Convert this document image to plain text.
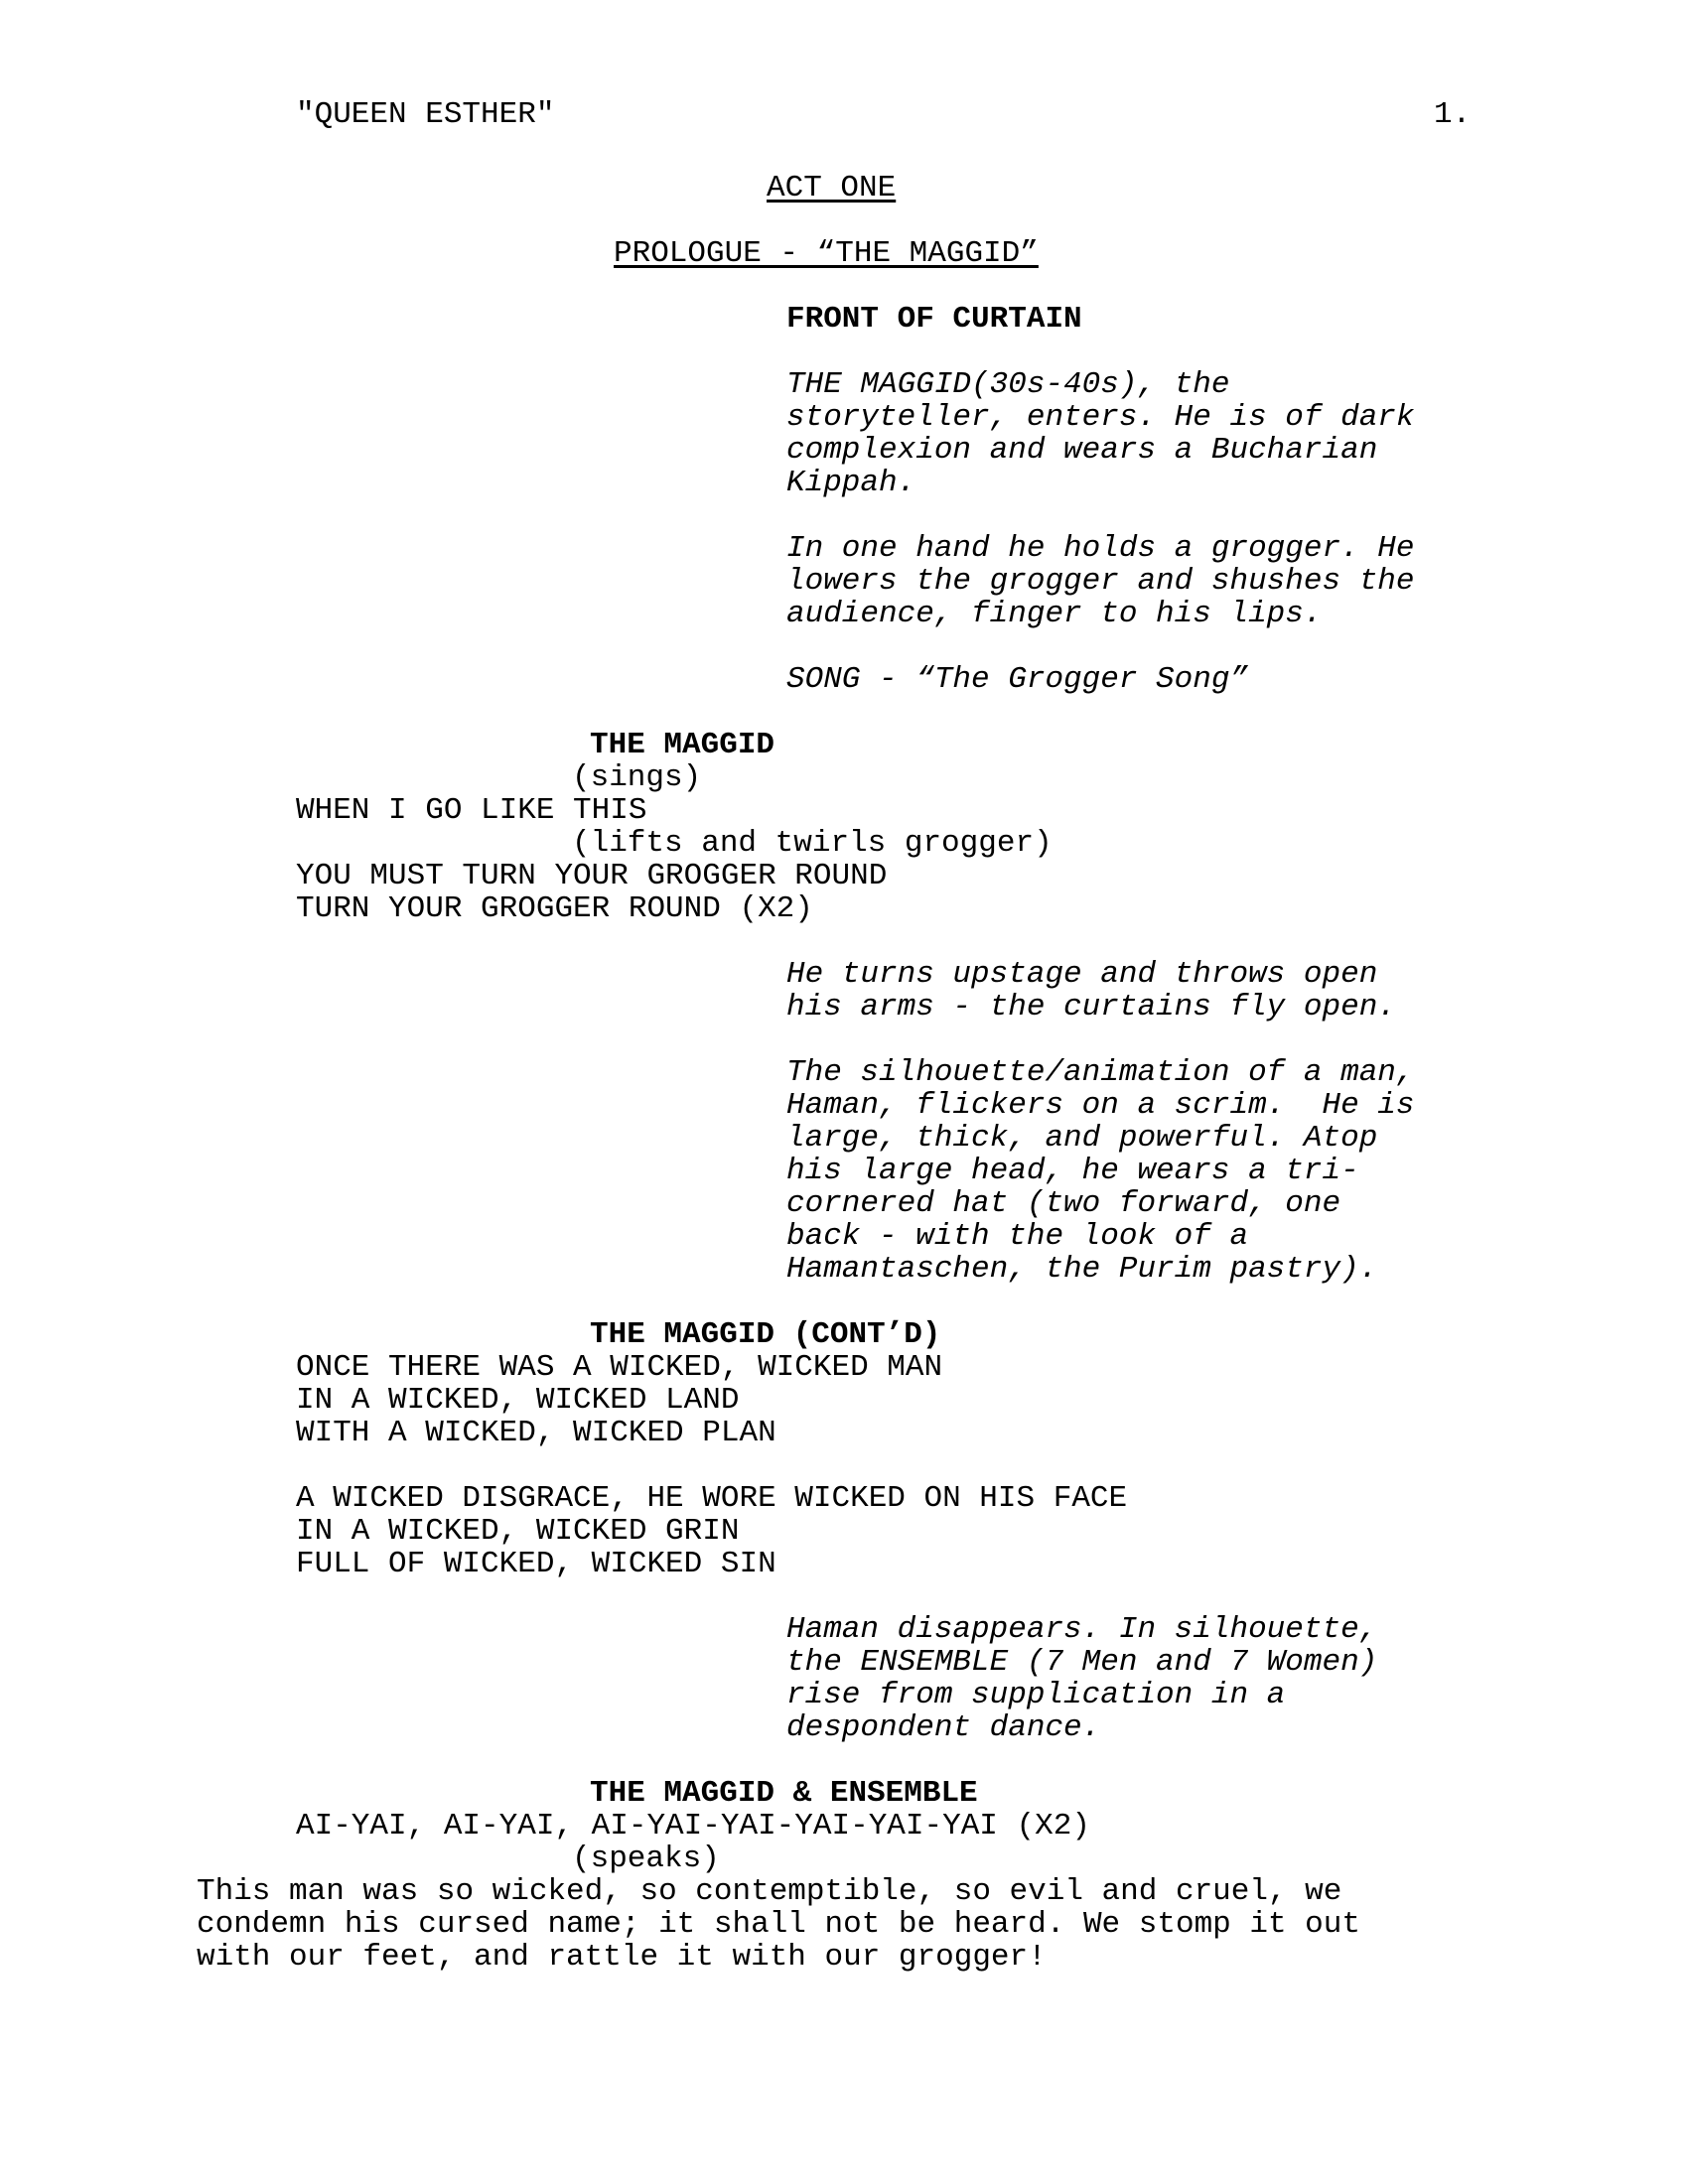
"QUEEN ESTHER"	1.
ACT ONE
PROLOGUE - “THE MAGGID”
FRONT OF CURTAIN
THE MAGGID(30s-40s), the
storyteller, enters. He is of dark
complexion and wears a Bucharian
Kippah.
In one hand he holds a grogger. He
lowers the grogger and shushes the
audience, finger to his lips.
SONG - “The Grogger Song”
THE MAGGID
(sings)
WHEN I GO LIKE THIS
(lifts and twirls grogger)
YOU MUST TURN YOUR GROGGER ROUND
TURN YOUR GROGGER ROUND (X2)
He turns upstage and throws open
his arms - the curtains fly open.
The silhouette/animation of a man,
Haman, flickers on a scrim.  He is
large, thick, and powerful. Atop
his large head, he wears a tri-
cornered hat (two forward, one
back - with the look of a
Hamantaschen, the Purim pastry).
THE MAGGID (CONT’D)
ONCE THERE WAS A WICKED, WICKED MAN
IN A WICKED, WICKED LAND
WITH A WICKED, WICKED PLAN
A WICKED DISGRACE, HE WORE WICKED ON HIS FACE
IN A WICKED, WICKED GRIN
FULL OF WICKED, WICKED SIN
Haman disappears. In silhouette,
the ENSEMBLE (7 Men and 7 Women)
rise from supplication in a
despondent dance.
THE MAGGID & ENSEMBLE
AI-YAI, AI-YAI, AI-YAI-YAI-YAI-YAI-YAI (X2)
(speaks)
This man was so wicked, so contemptible, so evil and cruel, we
condemn his cursed name; it shall not be heard. We stomp it out
with our feet, and rattle it with our grogger!
